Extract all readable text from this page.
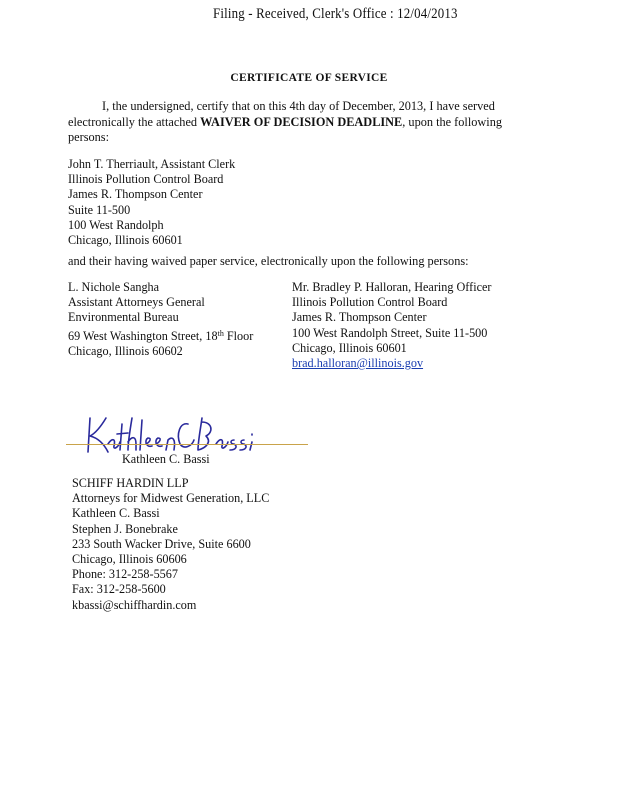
Filing - Received, Clerk's Office : 12/04/2013
CERTIFICATE OF SERVICE
I, the undersigned, certify that on this 4th day of December, 2013, I have served
electronically the attached WAIVER OF DECISION DEADLINE, upon the following
persons:
John T. Therriault, Assistant Clerk
Illinois Pollution Control Board
James R. Thompson Center
Suite 11-500
100 West Randolph
Chicago, Illinois 60601
and their having waived paper service, electronically upon the following persons:
L. Nichole Sangha
Assistant Attorneys General
Environmental Bureau
69 West Washington Street, 18th Floor
Chicago, Illinois 60602
Mr. Bradley P. Halloran, Hearing Officer
Illinois Pollution Control Board
James R. Thompson Center
100 West Randolph Street, Suite 11-500
Chicago, Illinois 60601
brad.halloran@illinois.gov
Kathleen C. Bassi
SCHIFF HARDIN LLP
Attorneys for Midwest Generation, LLC
Kathleen C. Bassi
Stephen J. Bonebrake
233 South Wacker Drive, Suite 6600
Chicago, Illinois 60606
Phone: 312-258-5567
Fax: 312-258-5600
kbassi@schiffhardin.com
